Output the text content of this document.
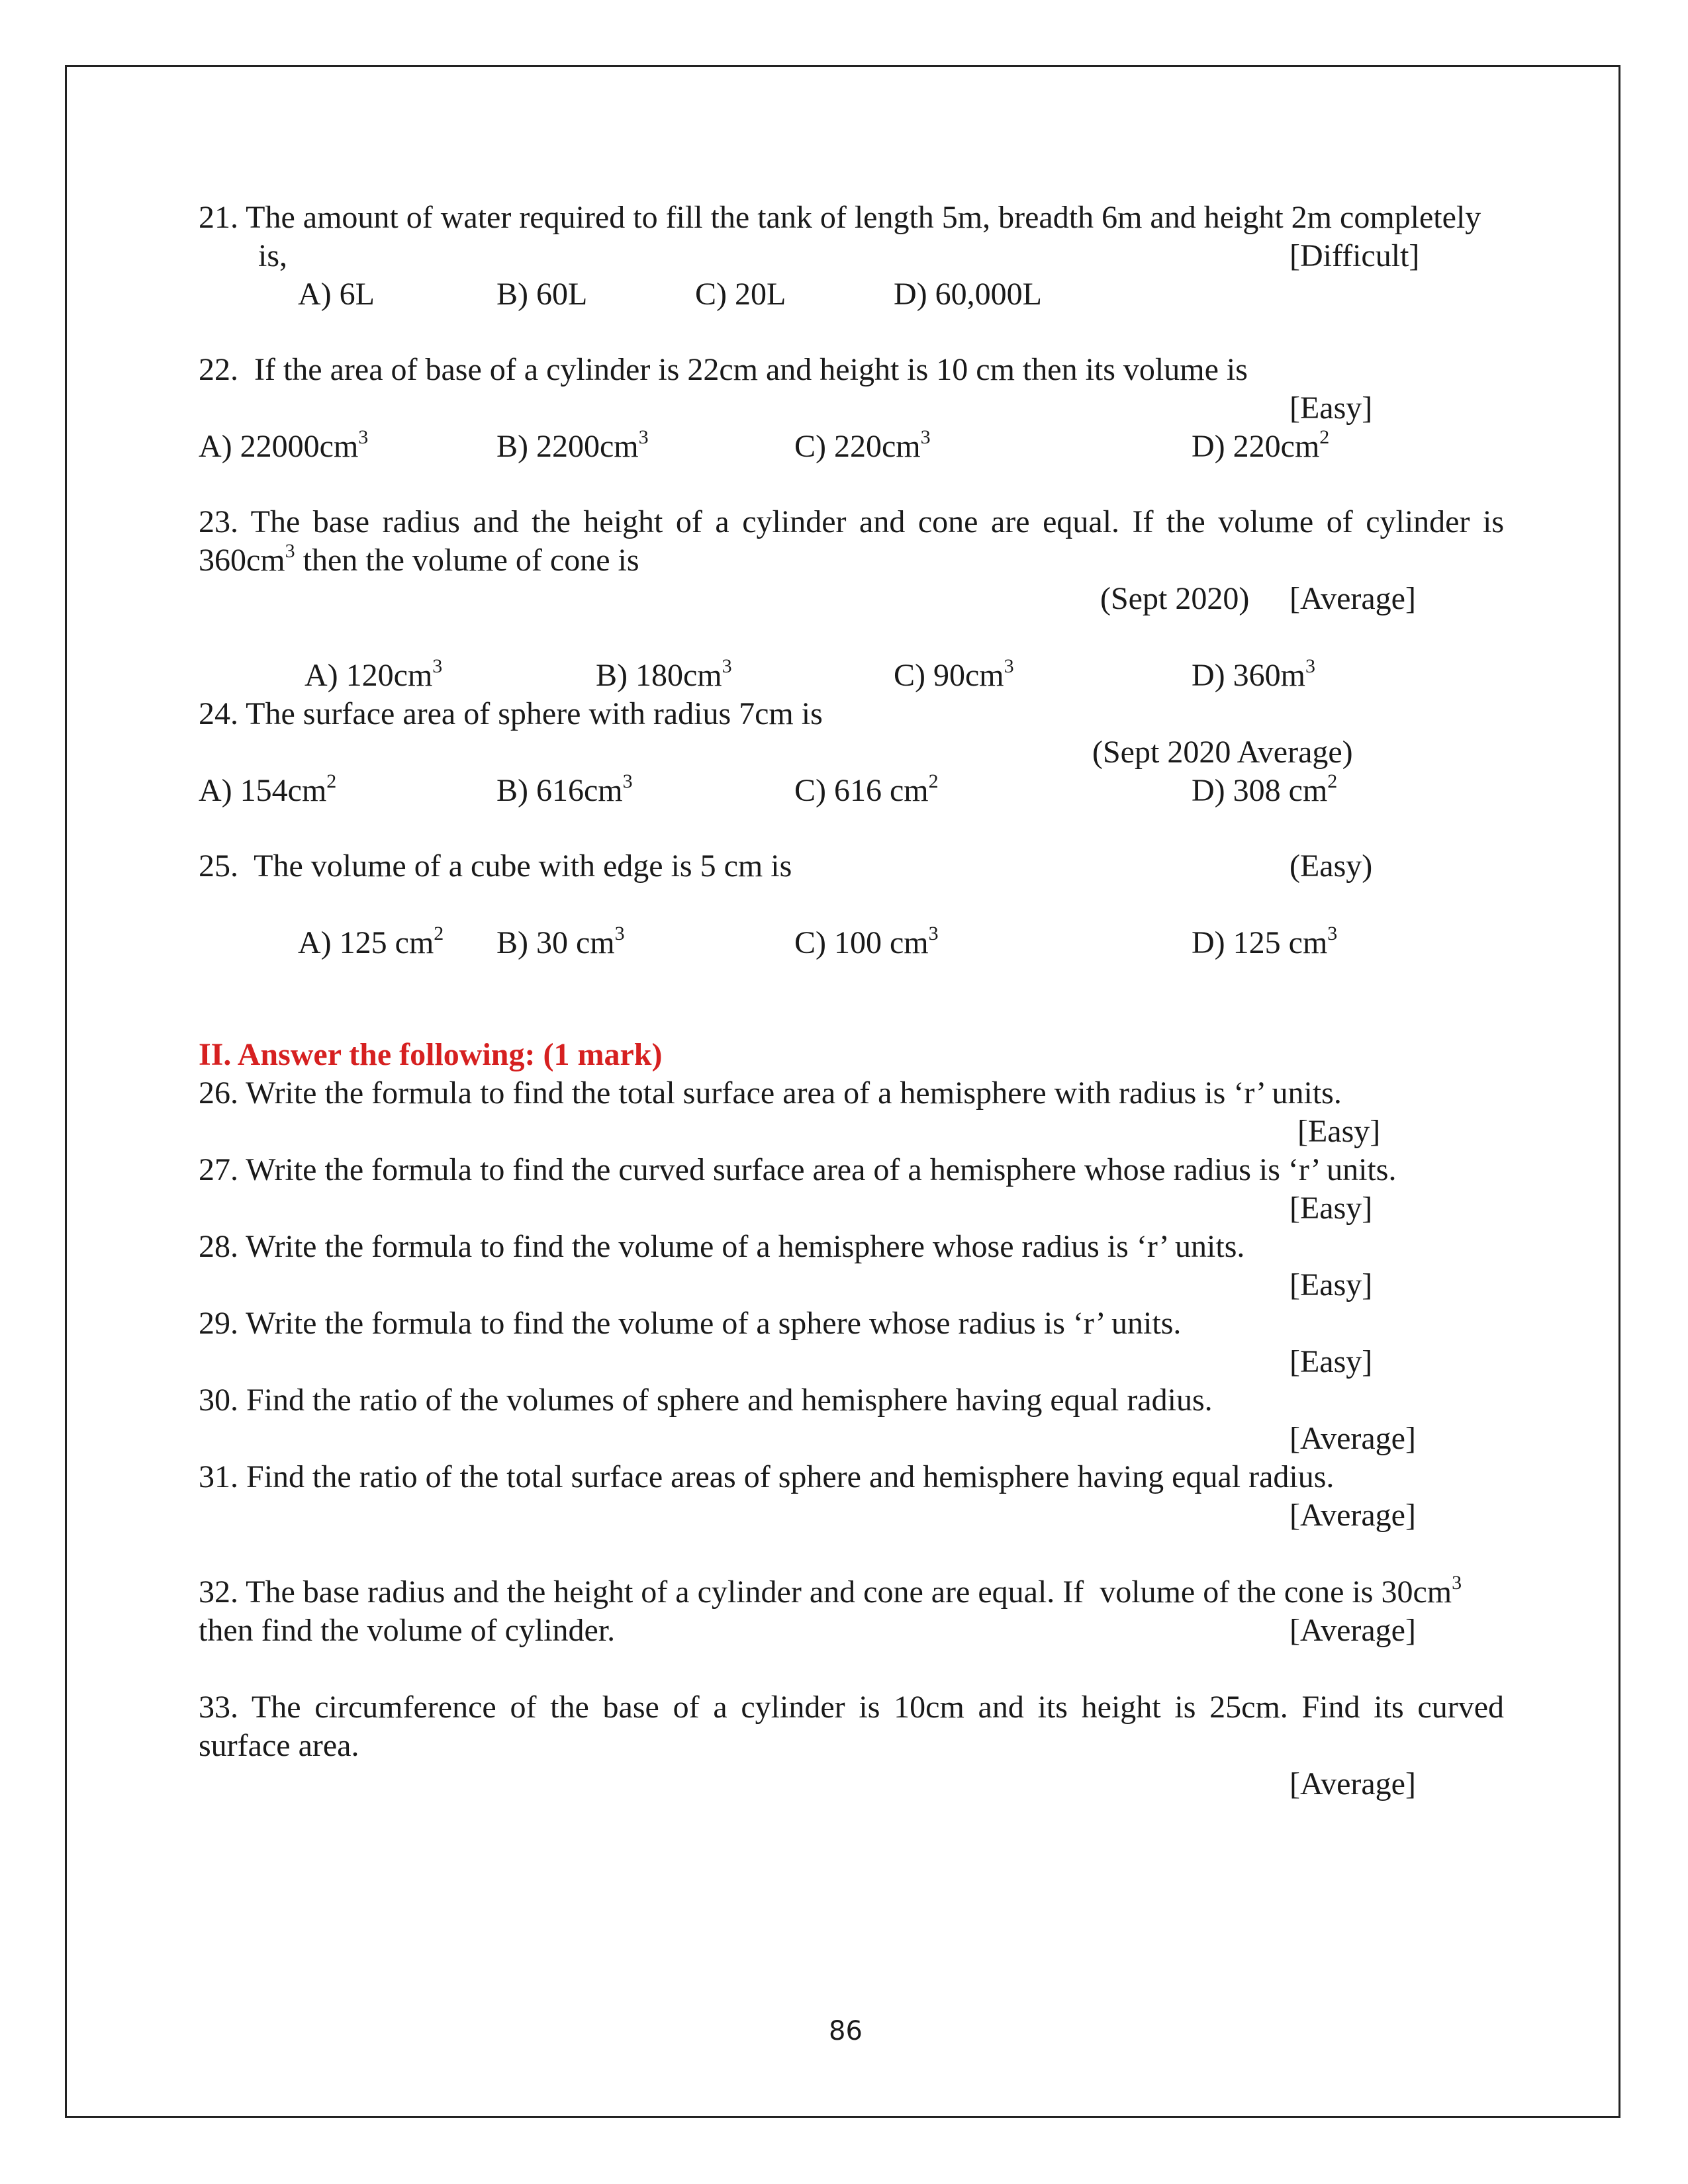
21. The amount of water required to fill the tank of length 5m, breadth 6m and height 2m completely
is,	[Difficult]
A) 6L	B) 60L	C) 20L	D) 60,000L
22.  If the area of base of a cylinder is 22cm and height is 10 cm then its volume is
[Easy]
A) $22000cm^3$	B) $2200cm^3$	C) $220cm^3$	D) $220cm^2$
23. The base radius and the height of a cylinder and cone are equal. If the volume of cylinder is
$360cm^3$ then the volume of cone is
(Sept 2020) [Average]
A) $120cm^3$	B) $180cm^3$	C) $90cm^3$	D) $360m^3$
24. The surface area of sphere with radius 7cm is
(Sept 2020 Average)
A) $154cm^2$	B) $616cm^3$	C) 616 $cm^2$	D) 308 $cm^2$
25.  The volume of a cube with edge is 5 cm is	(Easy)
A) 125 $cm^2$ B) 30 $cm^3$	C) 100 $cm^3$	D) 125 $cm^3$
II. Answer the following: (1 mark)
26. Write the formula to find the total surface area of a hemisphere with radius is ‘r’ units.
[Easy]
27. Write the formula to find the curved surface area of a hemisphere whose radius is ‘r’ units.
[Easy]
28. Write the formula to find the volume of a hemisphere whose radius is ‘r’ units.
[Easy]
29. Write the formula to find the volume of a sphere whose radius is ‘r’ units.
[Easy]
30. Find the ratio of the volumes of sphere and hemisphere having equal radius.
[Average]
31. Find the ratio of the total surface areas of sphere and hemisphere having equal radius.
[Average]
32. The base radius and the height of a cylinder and cone are equal. If  volume of the cone is $30cm^3$
then find the volume of cylinder.	[Average]
33. The circumference of the base of a cylinder is 10cm and its height is 25cm. Find its curved
surface area.
[Average]
86
